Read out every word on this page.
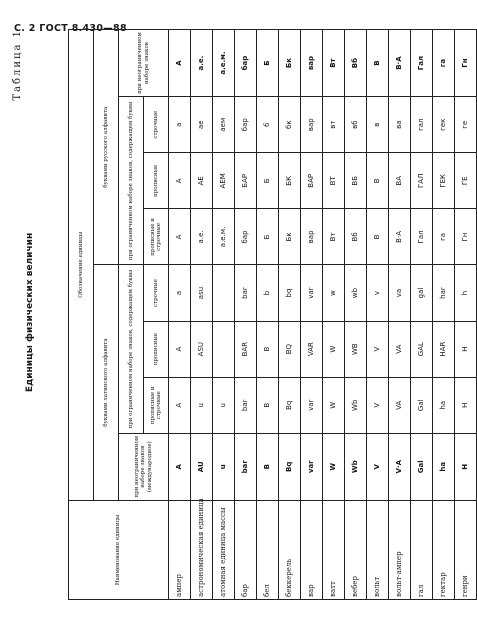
С. 2 ГОСТ 8.430—88
Таблица 1
Единицы физических величин
Наименование единицы	Обозначение единицы							
	буквами латинского алфавита				буквами русского алфавита			
	при неограниченном наборе знаков (международное)	при ограниченном наборе знаков, содержащем буквы			при ограниченном наборе знаков, содержащем буквы			при неограниченном наборе знаков
		прописные и строчные	прописные	строчные	прописные и строчные	прописные	строчные	
ампер	A	A	A	a	A	A	a	A
астрономическая единица	AU	u	ASU	asu	а.е.	АЕ	ае	а.е.
атомная единица массы	u	u			а.е.м.	АЕМ	аем	а.е.м.
бар	bar	bar	BAR	bar	бар	БАР	бар	бар
бел	B	B	B	b	Б	Б	б	Б
беккерель	Bq	Bq	BQ	bq	Бк	БК	бк	Бк
вар	var	var	VAR	var	вар	ВАР	вар	вар
ватт	W	W	W	w	Вт	ВТ	вт	Вт
вебер	Wb	Wb	WB	wb	Вб	ВБ	вб	Вб
вольт	V	V	V	v	В	В	в	В
вольт-ампер	V·A	VA	VA	va	В·А	ВА	ва	В·А
гал	Gal	Gal	GAL	gal	Гал	ГАЛ	гал	Гал
гектар	ha	ha	HAR	har	га	ГЕК	гек	га
генри	H	H	H	h	Гн	ГЕ	ге	Гн
